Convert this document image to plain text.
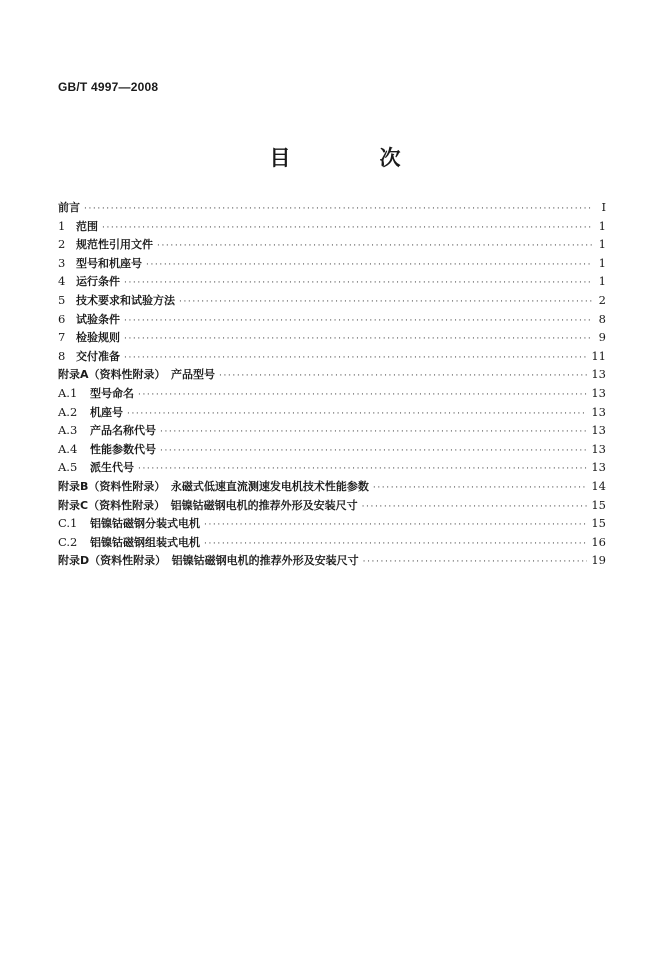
GB/T 4997—2008
目　次
前言 ·····	Ⅰ
1 范围 ·····	1
2 规范性引用文件 ·····	1
3 型号和机座号 ·····	1
4 运行条件 ·····	1
5 技术要求和试验方法 ·····	2
6 试验条件 ·····	8
7 检验规则 ·····	9
8 交付准备 ·····	11
附录A（资料性附录）　产品型号 ·····	13
A.1	型号命名 ·····	13
A.2	机座号 ·····	13
A.3	产品名称代号 ·····	13
A.4	性能参数代号 ·····	13
A.5	派生代号 ·····	13
附录B（资料性附录）　永磁式低速直流测速发电机技术性能参数 ·····	14
附录C（资料性附录）　铝镍钴磁钢电机的推荐外形及安装尺寸 ·····	15
C.1	铝镍钴磁钢分装式电机 ·····	15
C.2	铝镍钴磁钢组装式电机 ·····	16
附录D（资料性附录）　铝镍钴磁钢电机的推荐外形及安装尺寸 ·····	19
